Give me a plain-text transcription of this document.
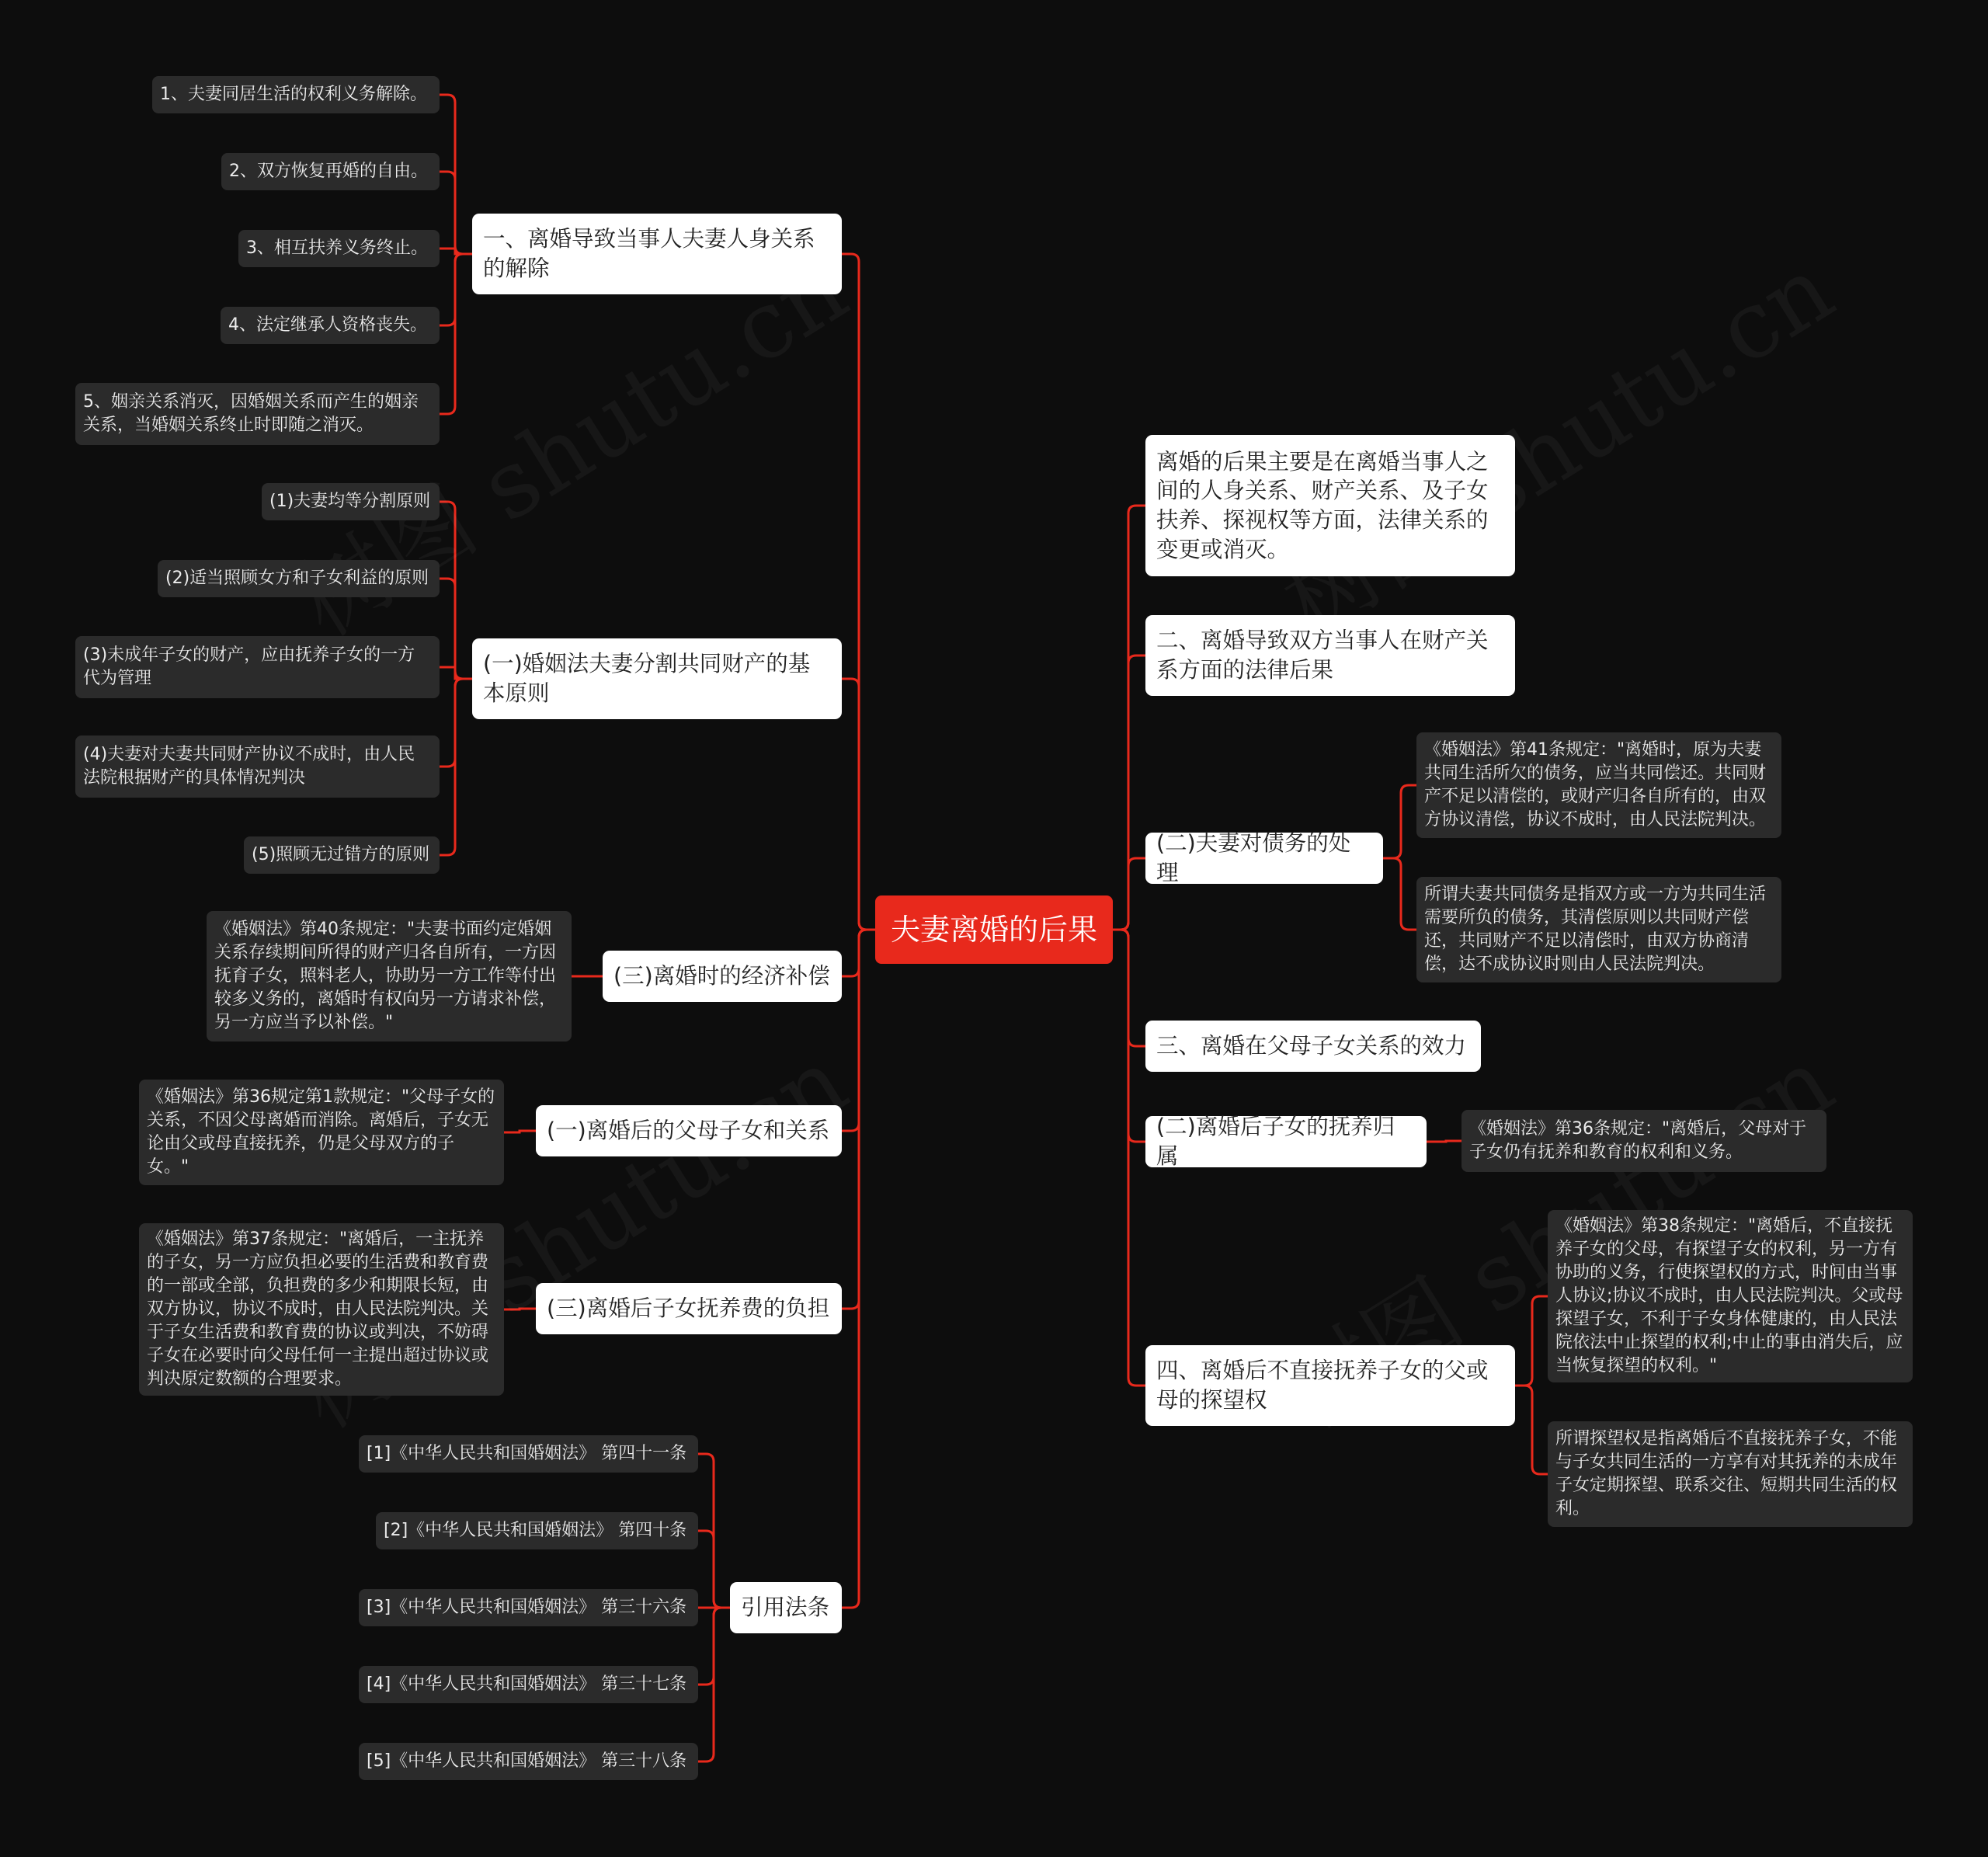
夫妻离婚的后果
一、离婚导致当事人夫妻人身关系的解除
1、夫妻同居生活的权利义务解除。
2、双方恢复再婚的自由。
3、相互扶养义务终止。
4、法定继承人资格丧失。
5、姻亲关系消灭，因婚姻关系而产生的姻亲关系，当婚姻关系终止时即随之消灭。
(一)婚姻法夫妻分割共同财产的基本原则
(1)夫妻均等分割原则
(2)适当照顾女方和子女利益的原则
(3)未成年子女的财产，应由抚养子女的一方代为管理
(4)夫妻对夫妻共同财产协议不成时，由人民法院根据财产的具体情况判决
(5)照顾无过错方的原则
(三)离婚时的经济补偿
《婚姻法》第40条规定："夫妻书面约定婚姻关系存续期间所得的财产归各自所有，一方因抚育子女，照料老人，协助另一方工作等付出较多义务的，离婚时有权向另一方请求补偿，另一方应当予以补偿。"
(一)离婚后的父母子女和关系
《婚姻法》第36规定第1款规定："父母子女的关系，不因父母离婚而消除。离婚后，子女无论由父或母直接抚养，仍是父母双方的子女。"
(三)离婚后子女抚养费的负担
《婚姻法》第37条规定："离婚后，一主抚养的子女，另一方应负担必要的生活费和教育费的一部或全部，负担费的多少和期限长短，由双方协议，协议不成时，由人民法院判决。关于子女生活费和教育费的协议或判决，不妨碍子女在必要时向父母任何一主提出超过协议或判决原定数额的合理要求。
引用法条
[1]《中华人民共和国婚姻法》 第四十一条
[2]《中华人民共和国婚姻法》 第四十条
[3]《中华人民共和国婚姻法》 第三十六条
[4]《中华人民共和国婚姻法》 第三十七条
[5]《中华人民共和国婚姻法》 第三十八条
离婚的后果主要是在离婚当事人之间的人身关系、财产关系、及子女扶养、探视权等方面，法律关系的变更或消灭。
二、离婚导致双方当事人在财产关系方面的法律后果
(二)夫妻对债务的处理
《婚姻法》第41条规定："离婚时，原为夫妻共同生活所欠的债务，应当共同偿还。共同财产不足以清偿的，或财产归各自所有的，由双方协议清偿，协议不成时，由人民法院判决。
所谓夫妻共同债务是指双方或一方为共同生活需要所负的债务，其清偿原则以共同财产偿还，共同财产不足以清偿时，由双方协商清偿，达不成协议时则由人民法院判决。
三、离婚在父母子女关系的效力
(二)离婚后子女的抚养归属
《婚姻法》第36条规定："离婚后，父母对于子女仍有抚养和教育的权利和义务。
四、离婚后不直接抚养子女的父或母的探望权
《婚姻法》第38条规定："离婚后，不直接抚养子女的父母，有探望子女的权利，另一方有协助的义务，行使探望权的方式，时间由当事人协议;协议不成时，由人民法院判决。父或母探望子女，不利于子女身体健康的，由人民法院依法中止探望的权利;中止的事由消失后，应当恢复探望的权利。"
所谓探望权是指离婚后不直接抚养子女，不能与子女共同生活的一方享有对其抚养的未成年子女定期探望、联系交往、短期共同生活的权利。
